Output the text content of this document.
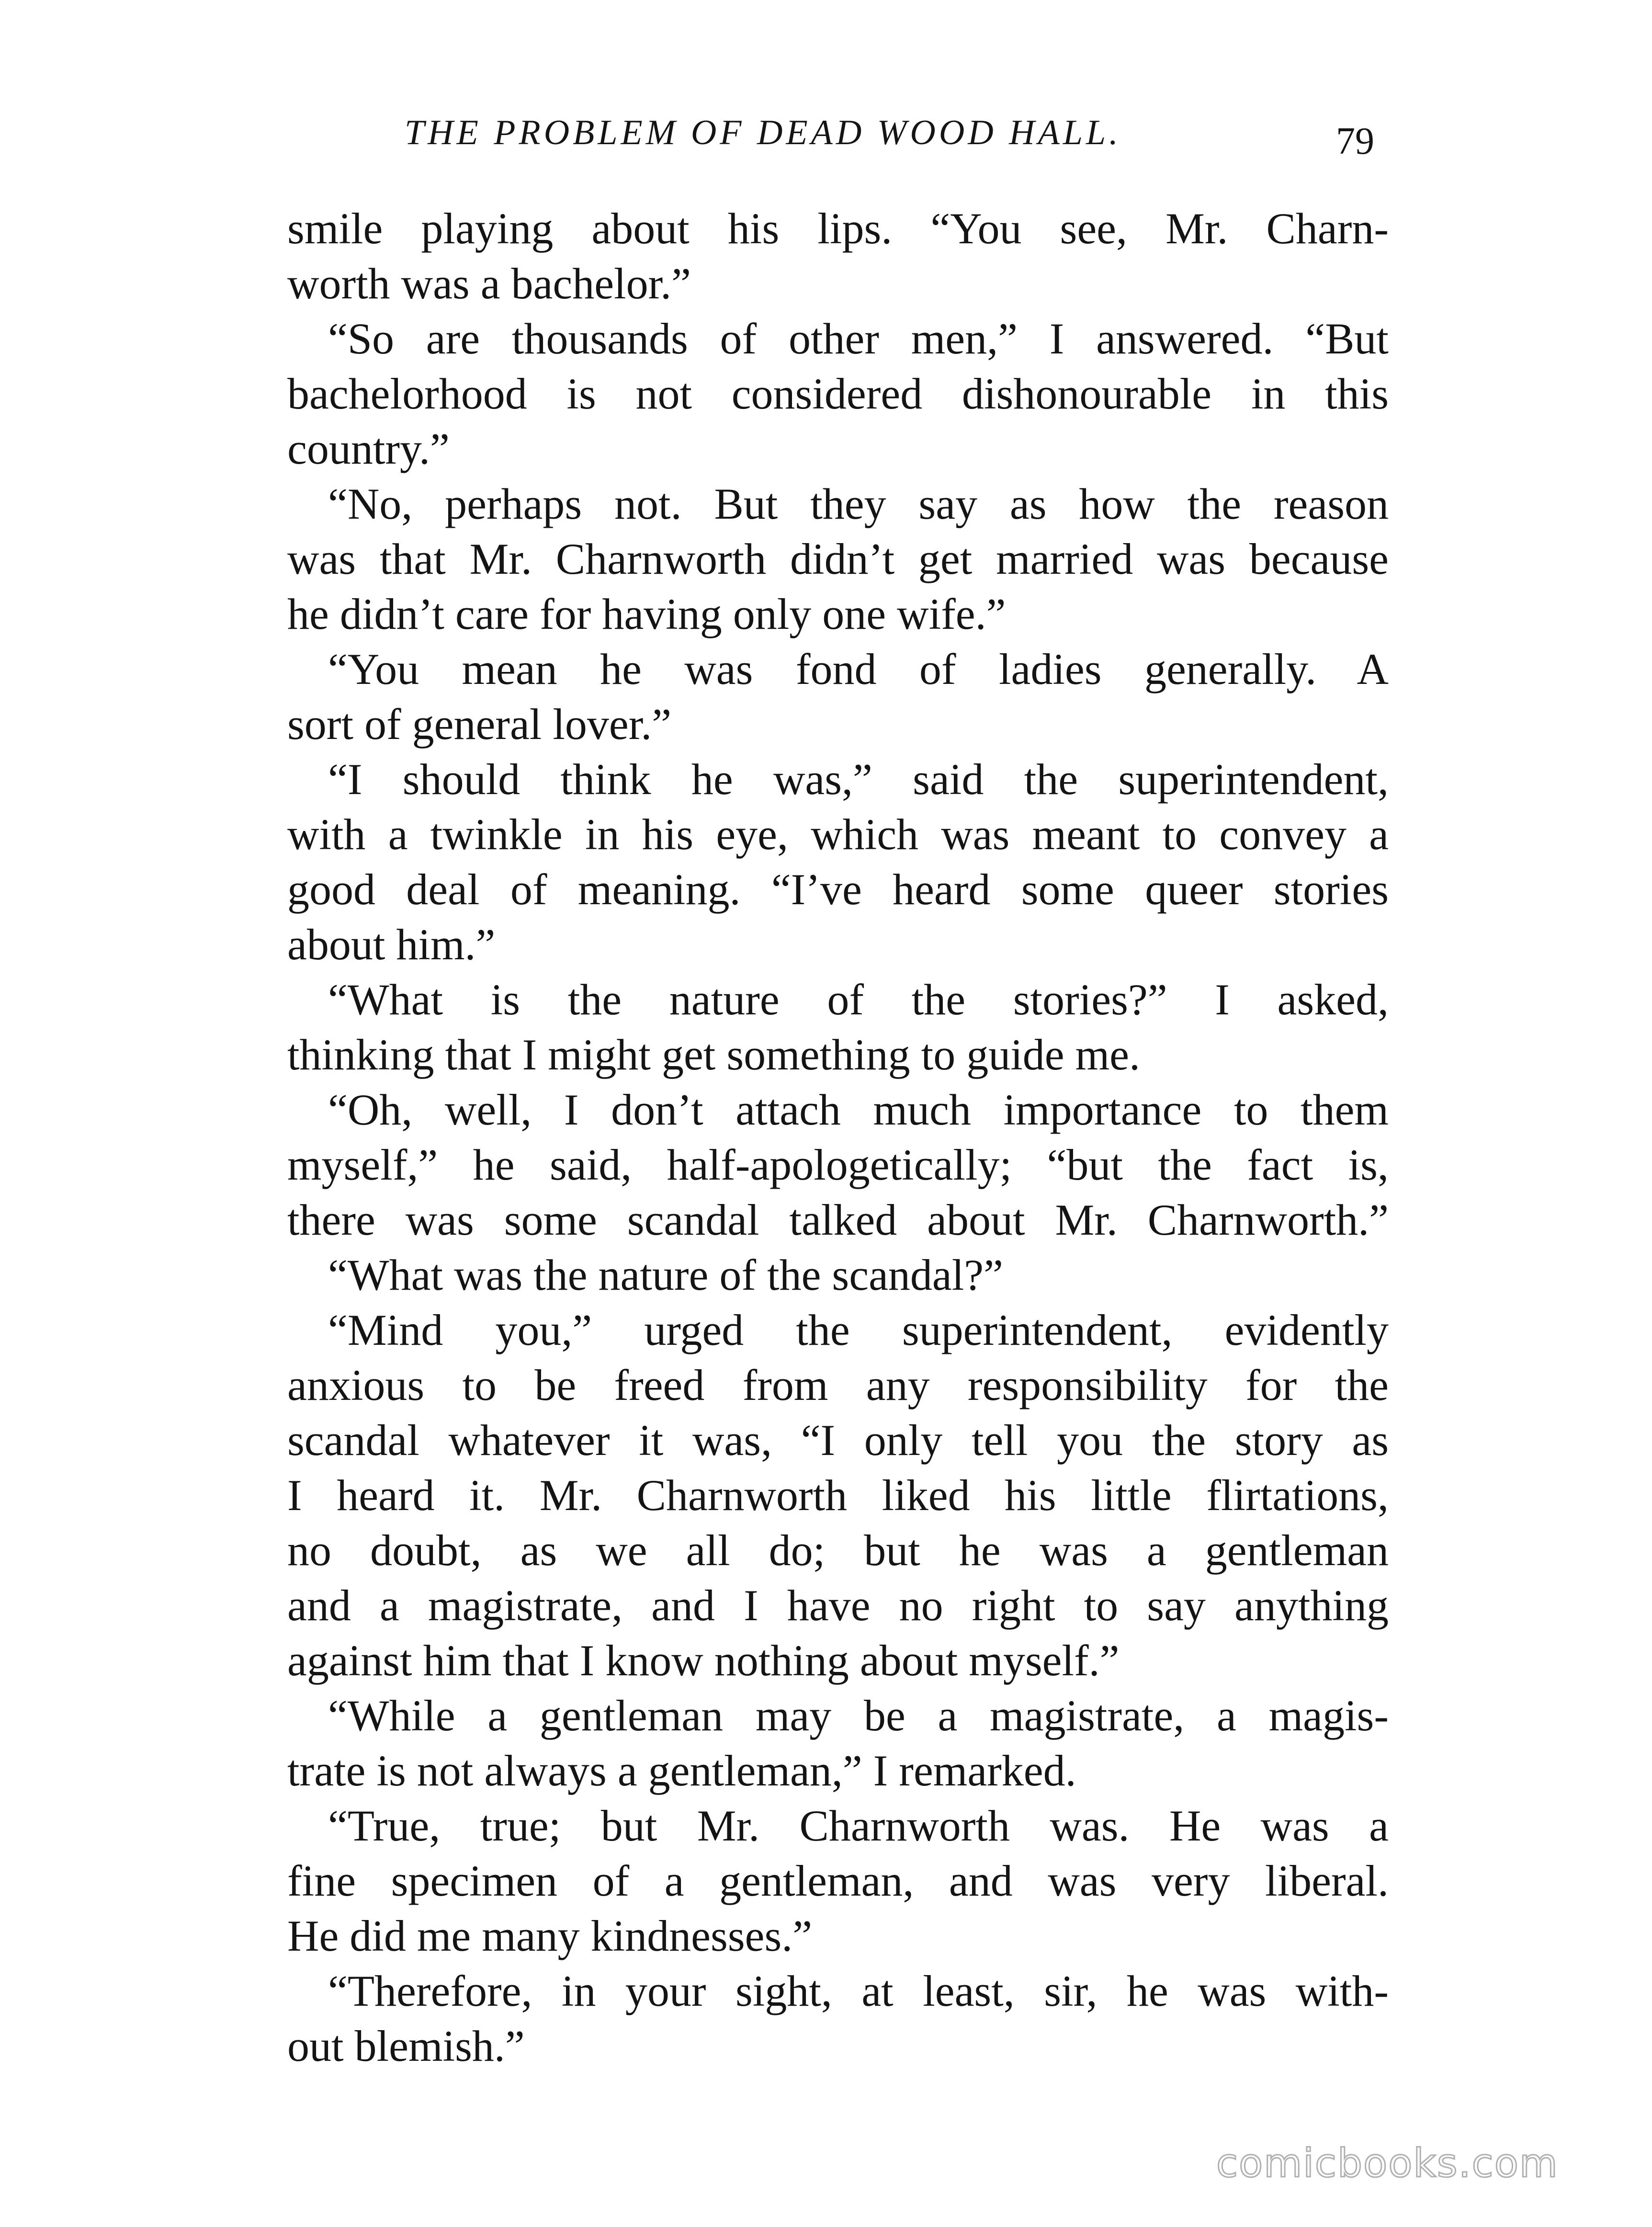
THE PROBLEM OF DEAD WOOD HALL.	79
smile playing about his lips. “You see, Mr. Charn-
worth was a bachelor.”
“So are thousands of other men,” I answered. “But
bachelorhood is not considered dishonourable in this
country.”
“No, perhaps not. But they say as how the reason
was that Mr. Charnworth didn’t get married was because
he didn’t care for having only one wife.”
“You mean he was fond of ladies generally. A
sort of general lover.”
“I should think he was,” said the superintendent,
with a twinkle in his eye, which was meant to convey a
good deal of meaning. “I’ve heard some queer stories
about him.”
“What is the nature of the stories?” I asked,
thinking that I might get something to guide me.
“Oh, well, I don’t attach much importance to them
myself,” he said, half-apologetically; “but the fact is,
there was some scandal talked about Mr. Charnworth.”
“What was the nature of the scandal?”
“Mind you,” urged the superintendent, evidently
anxious to be freed from any responsibility for the
scandal whatever it was, “I only tell you the story as
I heard it. Mr. Charnworth liked his little flirtations,
no doubt, as we all do; but he was a gentleman
and a magistrate, and I have no right to say anything
against him that I know nothing about myself.”
“While a gentleman may be a magistrate, a magis-
trate is not always a gentleman,” I remarked.
“True, true; but Mr. Charnworth was. He was a
fine specimen of a gentleman, and was very liberal.
He did me many kindnesses.”
“Therefore, in your sight, at least, sir, he was with-
out blemish.”
comicbooks.com
